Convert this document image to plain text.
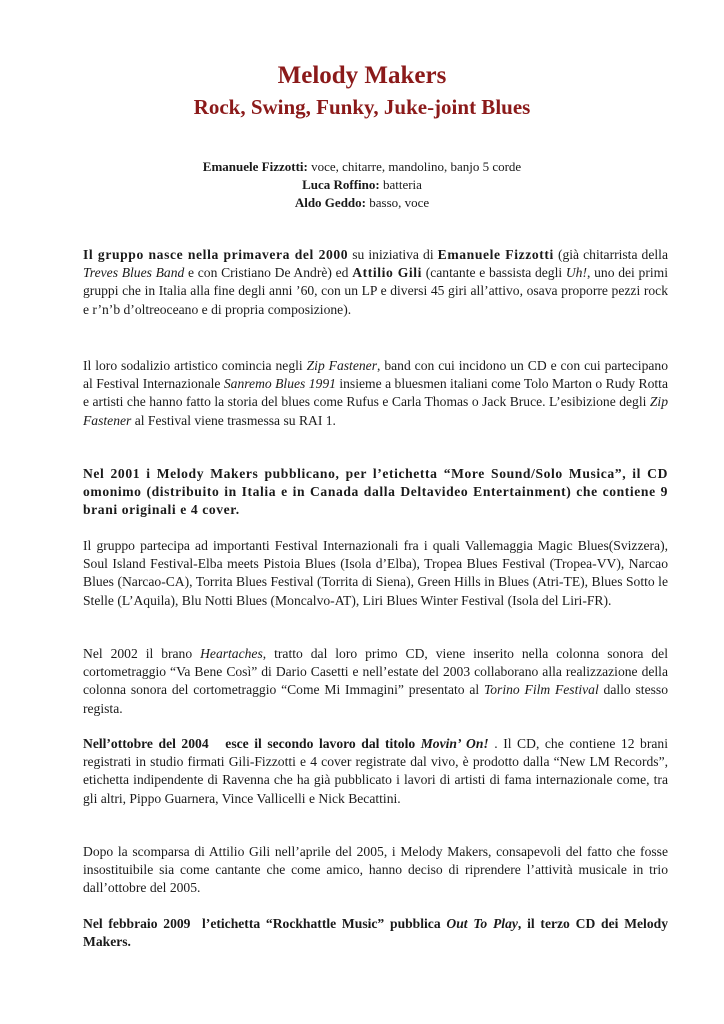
Melody Makers
Rock, Swing, Funky, Juke-joint Blues
Emanuele Fizzotti: voce, chitarre, mandolino, banjo 5 corde
Luca Roffino: batteria
Aldo Geddo: basso, voce

Il gruppo nasce nella primavera del 2000 su iniziativa di Emanuele Fizzotti (già chitarrista della Treves Blues Band e con Cristiano De Andrè) ed Attilio Gili (cantante e bassista degli Uh!, uno dei primi gruppi che in Italia alla fine degli anni ’60, con un LP e diversi 45 giri all’attivo, osava proporre pezzi rock e r’n’b d’oltreoceano e di propria composizione).

Il loro sodalizio artistico comincia negli Zip Fastener, band con cui incidono un CD e con cui partecipano al Festival Internazionale Sanremo Blues 1991 insieme a bluesmen italiani come Tolo Marton o Rudy Rotta e artisti che hanno fatto la storia del blues come Rufus e Carla Thomas o Jack Bruce. L’esibizione degli Zip Fastener al Festival viene trasmessa su RAI 1.

Nel 2001 i Melody Makers pubblicano, per l’etichetta “More Sound/Solo Musica”, il CD omonimo (distribuito in Italia e in Canada dalla Deltavideo Entertainment) che contiene 9 brani originali e 4 cover.

Il gruppo partecipa ad importanti Festival Internazionali fra i quali Vallemaggia Magic Blues(Svizzera), Soul Island Festival-Elba meets Pistoia Blues (Isola d’Elba), Tropea Blues Festival (Tropea-VV), Narcao Blues (Narcao-CA), Torrita Blues Festival (Torrita di Siena), Green Hills in Blues (Atri-TE), Blues Sotto le Stelle (L’Aquila), Blu Notti Blues (Moncalvo-AT), Liri Blues Winter Festival (Isola del Liri-FR).

Nel 2002 il brano Heartaches, tratto dal loro primo CD, viene inserito nella colonna sonora del cortometraggio “Va Bene Così” di Dario Casetti e nell’estate del 2003 collaborano alla realizzazione della colonna sonora del cortometraggio “Come Mi Immagini” presentato al Torino Film Festival dallo stesso regista.

Nell’ottobre del 2004   esce il secondo lavoro dal titolo Movin’ On! . Il CD, che contiene 12 brani registrati in studio firmati Gili-Fizzotti e 4 cover registrate dal vivo, è prodotto dalla “New LM Records”, etichetta indipendente di Ravenna che ha già pubblicato i lavori di artisti di fama internazionale come, tra gli altri, Pippo Guarnera, Vince Vallicelli e Nick Becattini.

Dopo la scomparsa di Attilio Gili nell’aprile del 2005, i Melody Makers, consapevoli del fatto che fosse insostituibile sia come cantante che come amico, hanno deciso di riprendere l’attività musicale in trio dall’ottobre del 2005.

Nel febbraio 2009  l’etichetta “Rockhattle Music” pubblica Out To Play, il terzo CD dei Melody Makers.
